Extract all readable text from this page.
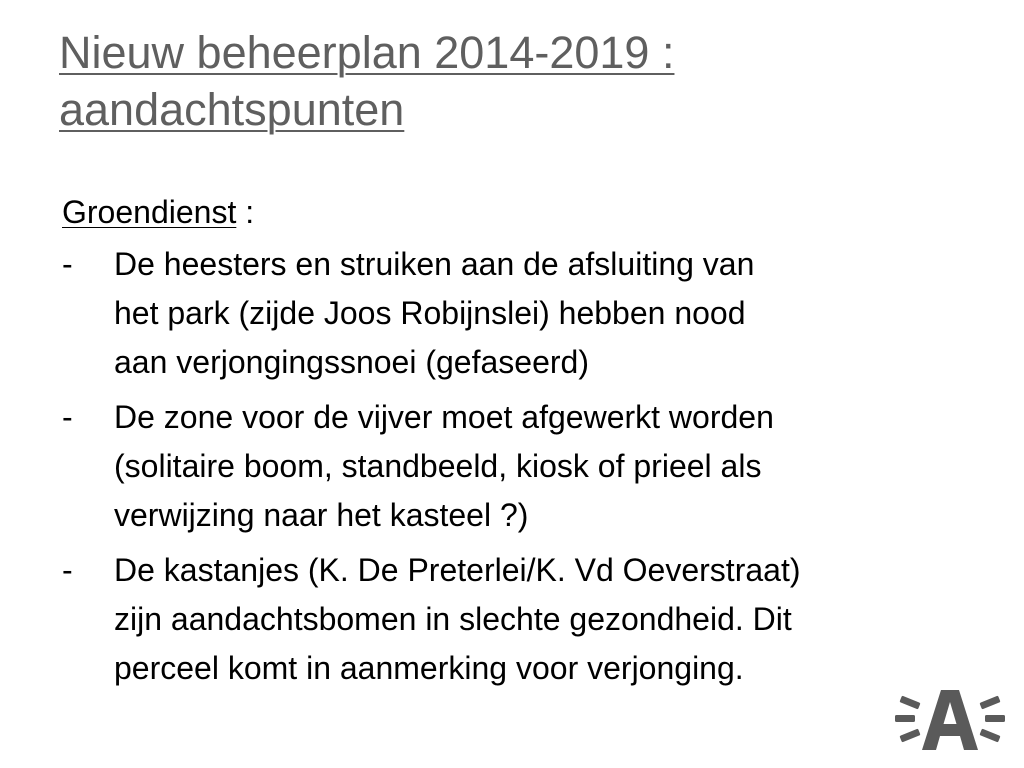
Nieuw beheerplan 2014-2019 :
aandachtspunten
Groendienst :
- De heesters en struiken aan de afsluiting van
het park (zijde Joos Robijnslei) hebben nood
aan verjongingssnoei (gefaseerd)
- De zone voor de vijver moet afgewerkt worden
(solitaire boom, standbeeld, kiosk of prieel als
verwijzing naar het kasteel ?)
- De kastanjes (K. De Preterlei/K. Vd Oeverstraat)
zijn aandachtsbomen in slechte gezondheid. Dit
perceel komt in aanmerking voor verjonging.
